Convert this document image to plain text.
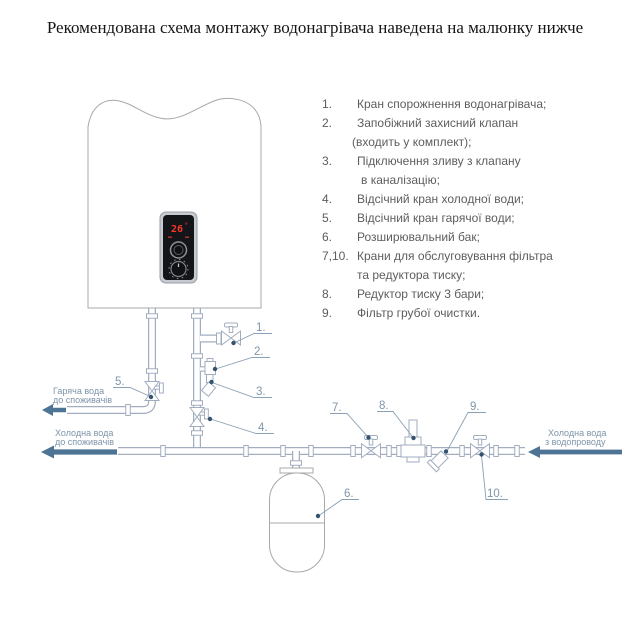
Рекомендована схема монтажу водонагрівача наведена на малюнку нижче
26 °
Гаряча вода
до споживачів
Холодна вода
до споживачів
Холодна вода
з водопроводу
1.
2.
3.
4.
5.
6.
7.	8.	9.
10.
1.	Кран спорожнення водонагрівача;
2.	Запобіжний захисний клапан
(входить у комплект);
3.	Підключення зливу з клапану
в каналізацію;
4.	Відсічний кран холодної води;
5.	Відсічний кран гарячої води;
6.	Розширювальний бак;
7,10. Крани для обслуговування фільтра
та редуктора тиску;
8.	Редуктор тиску 3 бари;
9.	Фільтр грубої очистки.
